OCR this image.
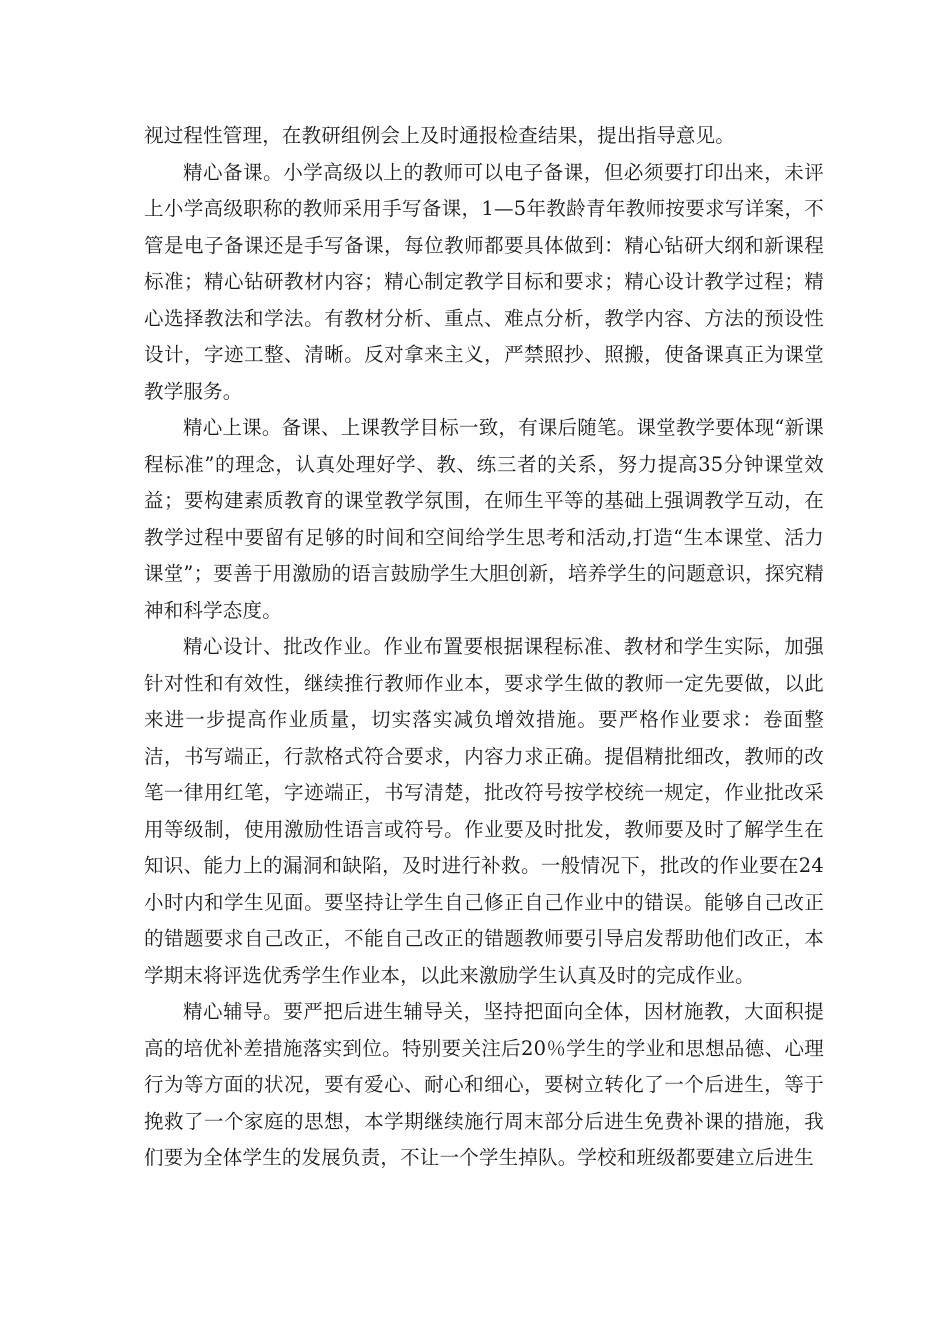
视过程性管理，在教研组例会上及时通报检查结果，提出指导意见。

精心备课。小学高级以上的教师可以电子备课，但必须要打印出来，未评上小学高级职称的教师采用手写备课，1—5年教龄青年教师按要求写详案，不管是电子备课还是手写备课，每位教师都要具体做到：精心钻研大纲和新课程标准；精心钻研教材内容；精心制定教学目标和要求；精心设计教学过程；精心选择教法和学法。有教材分析、重点、难点分析，教学内容、方法的预设性设计，字迹工整、清晰。反对拿来主义，严禁照抄、照搬，使备课真正为课堂教学服务。

精心上课。备课、上课教学目标一致，有课后随笔。课堂教学要体现“新课程标准”的理念，认真处理好学、教、练三者的关系，努力提高35分钟课堂效益；要构建素质教育的课堂教学氛围，在师生平等的基础上强调教学互动，在教学过程中要留有足够的时间和空间给学生思考和活动,打造“生本课堂、活力课堂”；要善于用激励的语言鼓励学生大胆创新，培养学生的问题意识，探究精神和科学态度。

精心设计、批改作业。作业布置要根据课程标准、教材和学生实际，加强针对性和有效性，继续推行教师作业本，要求学生做的教师一定先要做，以此来进一步提高作业质量，切实落实减负增效措施。要严格作业要求：卷面整洁，书写端正，行款格式符合要求，内容力求正确。提倡精批细改，教师的改笔一律用红笔，字迹端正，书写清楚，批改符号按学校统一规定，作业批改采用等级制，使用激励性语言或符号。作业要及时批发，教师要及时了解学生在知识、能力上的漏洞和缺陷，及时进行补救。一般情况下，批改的作业要在24小时内和学生见面。要坚持让学生自己修正自己作业中的错误。能够自己改正的错题要求自己改正，不能自己改正的错题教师要引导启发帮助他们改正，本学期末将评选优秀学生作业本，以此来激励学生认真及时的完成作业。

精心辅导。要严把后进生辅导关，坚持把面向全体，因材施教，大面积提高的培优补差措施落实到位。特别要关注后20％学生的学业和思想品德、心理行为等方面的状况，要有爱心、耐心和细心，要树立转化了一个后进生，等于挽救了一个家庭的思想，本学期继续施行周末部分后进生免费补课的措施，我们要为全体学生的发展负责，不让一个学生掉队。学校和班级都要建立后进生
